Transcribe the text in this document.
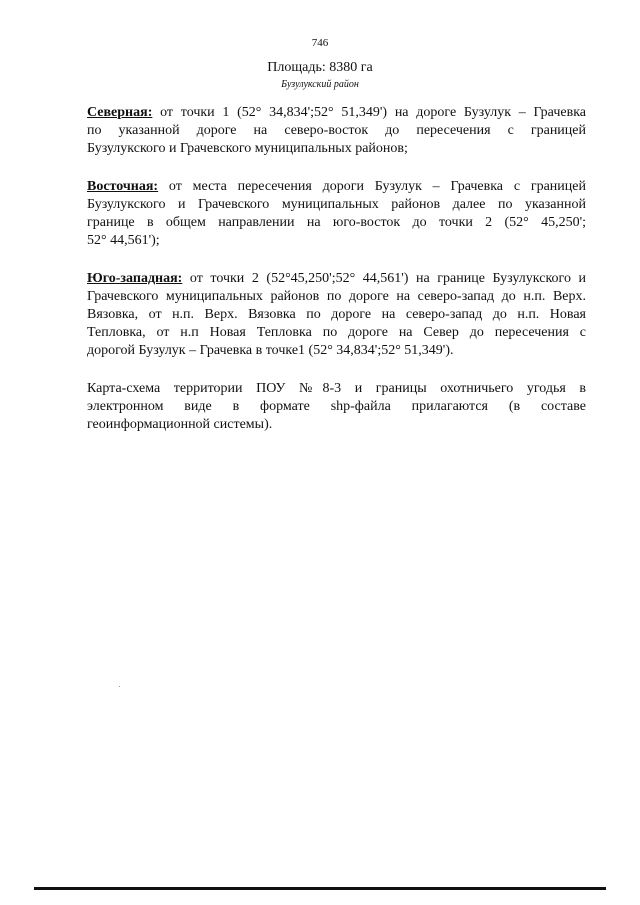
746
Площадь: 8380 га
Бузулукский район

Северная: от точки 1 (52° 34,834';52° 51,349') на дороге Бузулук – Грачевка
по указанной дороге на северо-восток до пересечения с границей
Бузулукского и Грачевского муниципальных районов;

Восточная: от места пересечения дороги Бузулук – Грачевка с границей
Бузулукского и Грачевского муниципальных районов далее по указанной
границе в общем направлении на юго-восток до точки 2 (52° 45,250';
52° 44,561');

Юго-западная: от точки 2 (52°45,250';52° 44,561') на границе Бузулукского и
Грачевского муниципальных районов по дороге на северо-запад до н.п. Верх.
Вязовка, от н.п. Верх. Вязовка по дороге на северо-запад до н.п. Новая
Тепловка, от н.п Новая Тепловка по дороге на Север до пересечения с
дорогой Бузулук – Грачевка в точке1 (52° 34,834';52° 51,349').

Карта-схема территории ПОУ №8-3 и границы охотничьего угодья в
электронном виде в формате shp-файла прилагаются (в составе
геоинформационной системы).
